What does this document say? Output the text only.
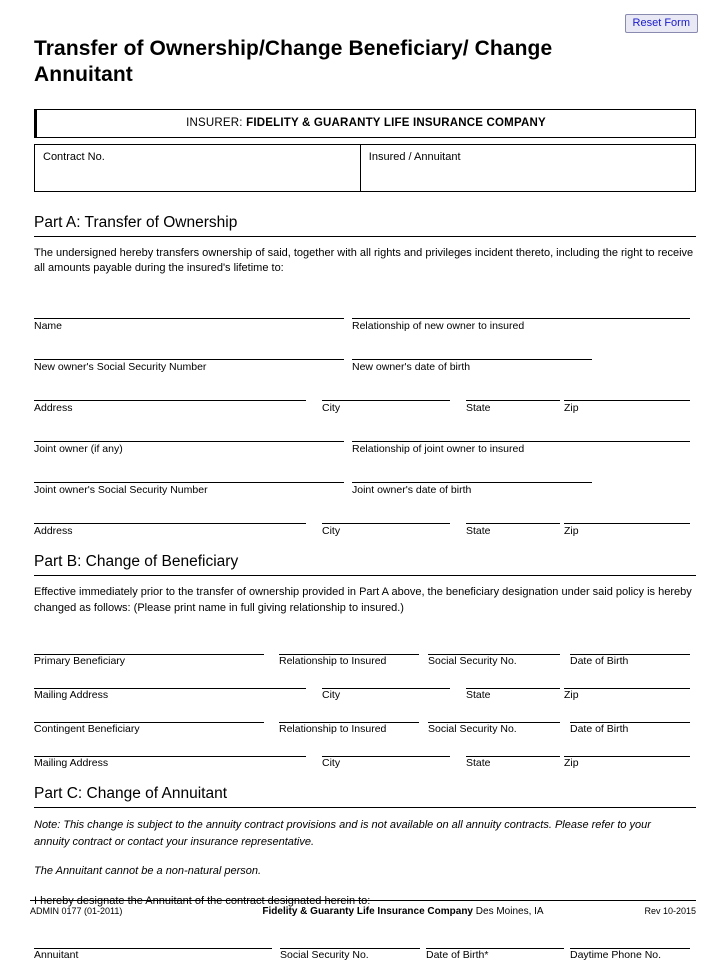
Reset Form
Transfer of Ownership/Change Beneficiary/ Change Annuitant
INSURER: FIDELITY & GUARANTY LIFE INSURANCE COMPANY
Contract No.	Insured / Annuitant
Part A: Transfer of Ownership
The undersigned hereby transfers ownership of said, together with all rights and privileges incident thereto, including the right to receive all amounts payable during the insured's lifetime to:
Name	Relationship of new owner to insured
New owner's Social Security Number	New owner's date of birth
Address	City	State	Zip
Joint owner (if any)	Relationship of joint owner to insured
Joint owner's Social Security Number	Joint owner's date of birth
Address	City	State	Zip
Part B: Change of Beneficiary
Effective immediately prior to the transfer of ownership provided in Part A above, the beneficiary designation under said policy is hereby changed as follows: (Please print name in full giving relationship to insured.)
Primary Beneficiary	Relationship to Insured	Social Security No.	Date of Birth
Mailing Address	City	State	Zip
Contingent Beneficiary	Relationship to Insured	Social Security No.	Date of Birth
Mailing Address	City	State	Zip
Part C: Change of Annuitant
Note: This change is subject to the annuity contract provisions and is not available on all annuity contracts. Please refer to your annuity contract or contact your insurance representative.
The Annuitant cannot be a non-natural person.
I hereby designate the Annuitant of the contract designated herein to:
Annuitant	Social Security No.	Date of Birth*	Daytime Phone No.
ADMIN 0177 (01-2011)	Fidelity & Guaranty Life Insurance Company Des Moines, IA	Rev 10-2015
